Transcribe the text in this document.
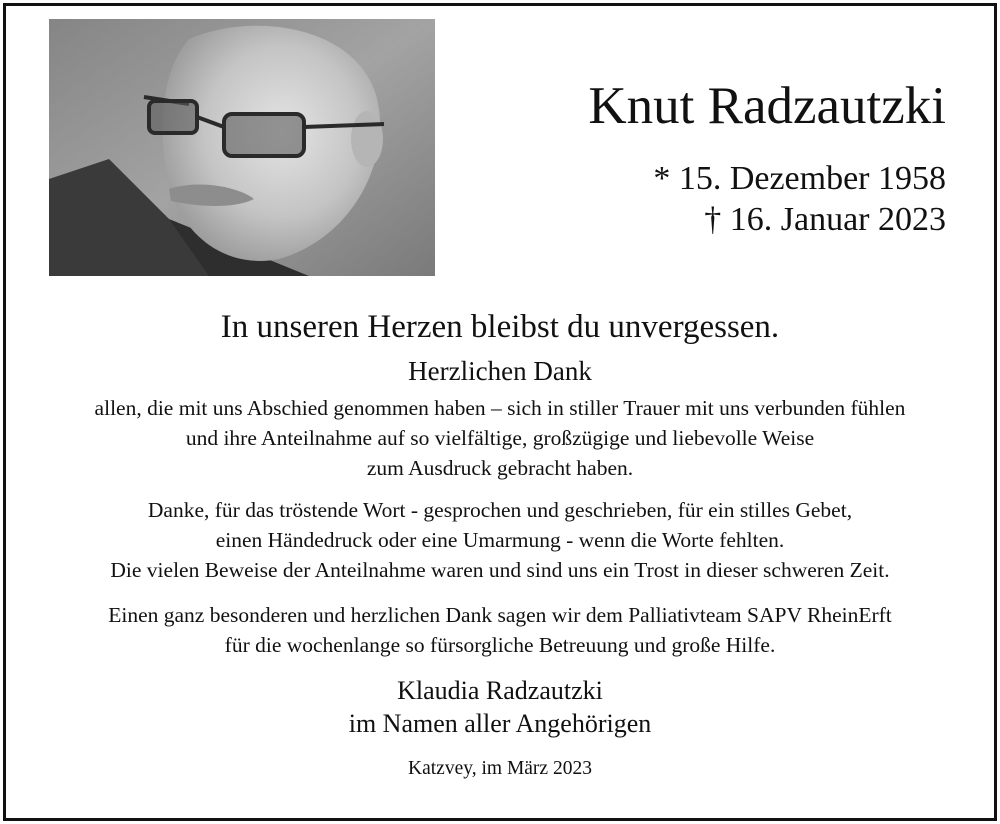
Knut Radzautzki
* 15. Dezember 1958
† 16. Januar 2023
In unseren Herzen bleibst du unvergessen.
Herzlichen Dank
allen, die mit uns Abschied genommen haben – sich in stiller Trauer mit uns verbunden fühlen
und ihre Anteilnahme auf so vielfältige, großzügige und liebevolle Weise
zum Ausdruck gebracht haben.
Danke, für das tröstende Wort - gesprochen und geschrieben, für ein stilles Gebet,
einen Händedruck oder eine Umarmung - wenn die Worte fehlten.
Die vielen Beweise der Anteilnahme waren und sind uns ein Trost in dieser schweren Zeit.
Einen ganz besonderen und herzlichen Dank sagen wir dem Palliativteam SAPV RheinErft
für die wochenlange so fürsorgliche Betreuung und große Hilfe.
Klaudia Radzautzki
im Namen aller Angehörigen
Katzvey, im März 2023
